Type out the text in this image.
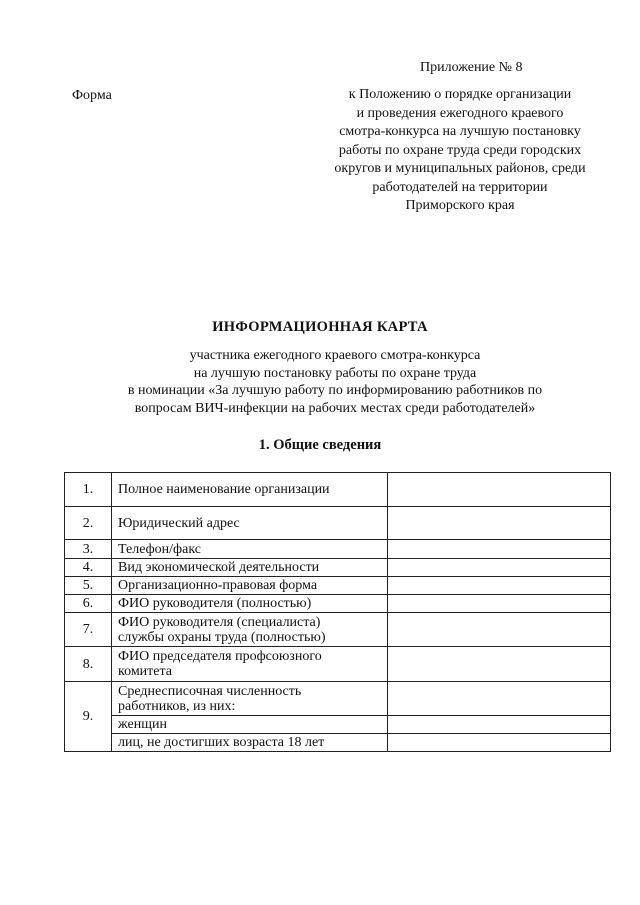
Приложение № 8
Форма	к Положению о порядке организации
и проведения ежегодного краевого
смотра-конкурса на лучшую постановку
работы по охране труда среди городских
округов и муниципальных районов, среди
работодателей на территории
Приморского края
ИНФОРМАЦИОННАЯ КАРТА
участника ежегодного краевого смотра-конкурса
на лучшую постановку работы по охране труда
в номинации «За лучшую работу по информированию работников по
вопросам ВИЧ-инфекции на рабочих местах среди работодателей»
1. Общие сведения
1.	Полное наименование организации	
2.	Юридический адрес	
3.	Телефон/факс	
4.	Вид экономической деятельности	
5.	Организационно-правовая форма	
6.	ФИО руководителя (полностью)	
7.	ФИО руководителя (специалиста)
службы охраны труда (полностью)	

8.	ФИО председателя профсоюзного
комитета	

9.	Среднесписочная численность
работников, из них:	

	женщин	
	лиц, не достигших возраста 18 лет	
